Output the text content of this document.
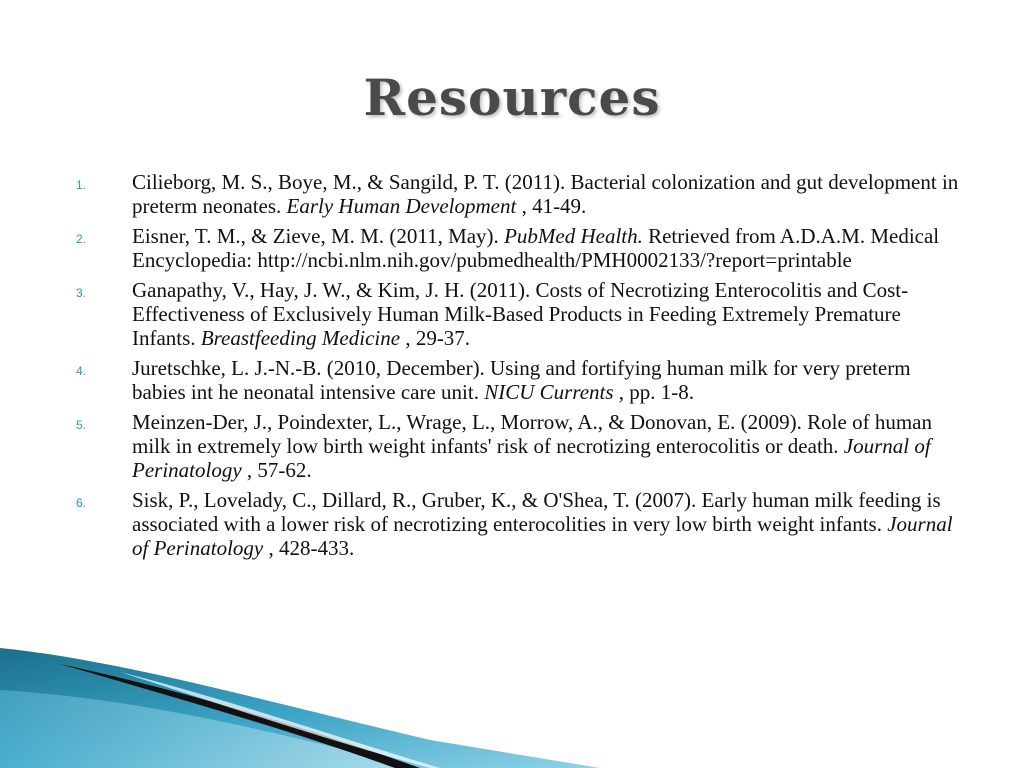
Resources
1.	Cilieborg, M. S., Boye, M., & Sangild, P. T. (2011). Bacterial colonization and gut development in preterm neonates. Early Human Development , 41-49.
2.	Eisner, T. M., & Zieve, M. M. (2011, May). PubMed Health. Retrieved from A.D.A.M. Medical Encyclopedia: http://ncbi.nlm.nih.gov/pubmedhealth/PMH0002133/?report=printable
3.	Ganapathy, V., Hay, J. W., & Kim, J. H. (2011). Costs of Necrotizing Enterocolitis and Cost-Effectiveness of Exclusively Human Milk-Based Products in Feeding Extremely Premature Infants. Breastfeeding Medicine , 29-37.
4.	Juretschke, L. J.-N.-B. (2010, December). Using and fortifying human milk for very preterm babies int he neonatal intensive care unit. NICU Currents , pp. 1-8.
5.	Meinzen-Der, J., Poindexter, L., Wrage, L., Morrow, A., & Donovan, E. (2009). Role of human milk in extremely low birth weight infants' risk of necrotizing enterocolitis or death. Journal of Perinatology , 57-62.
6.	Sisk, P., Lovelady, C., Dillard, R., Gruber, K., & O'Shea, T. (2007). Early human milk feeding is associated with a lower risk of necrotizing enterocolities in very low birth weight infants. Journal of Perinatology , 428-433.
